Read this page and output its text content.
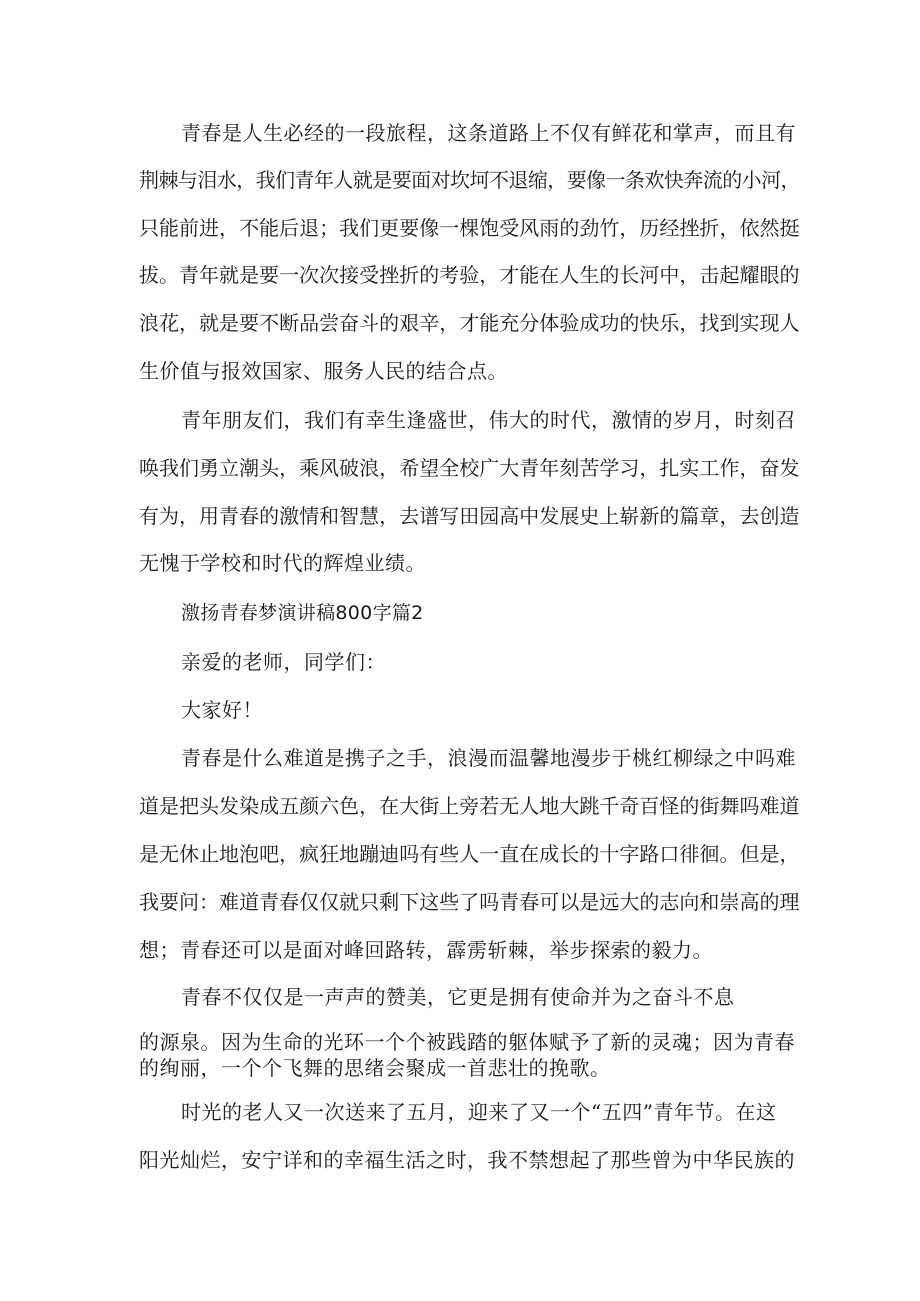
青春是人生必经的一段旅程，这条道路上不仅有鲜花和掌声，而且有
荆棘与泪水，我们青年人就是要面对坎坷不退缩，要像一条欢快奔流的小河，
只能前进，不能后退；我们更要像一棵饱受风雨的劲竹，历经挫折，依然挺
拔。青年就是要一次次接受挫折的考验，才能在人生的长河中，击起耀眼的
浪花，就是要不断品尝奋斗的艰辛，才能充分体验成功的快乐，找到实现人
生价值与报效国家、服务人民的结合点。
青年朋友们，我们有幸生逢盛世，伟大的时代，激情的岁月，时刻召
唤我们勇立潮头，乘风破浪，希望全校广大青年刻苦学习，扎实工作，奋发
有为，用青春的激情和智慧，去谱写田园高中发展史上崭新的篇章，去创造
无愧于学校和时代的辉煌业绩。
激扬青春梦演讲稿800字篇2
亲爱的老师，同学们：
大家好！
青春是什么难道是携子之手，浪漫而温馨地漫步于桃红柳绿之中吗难
道是把头发染成五颜六色，在大街上旁若无人地大跳千奇百怪的街舞吗难道
是无休止地泡吧，疯狂地蹦迪吗有些人一直在成长的十字路口徘徊。但是，
我要问：难道青春仅仅就只剩下这些了吗青春可以是远大的志向和崇高的理
想；青春还可以是面对峰回路转，霹雳斩棘，举步探索的毅力。
青春不仅仅是一声声的赞美，它更是拥有使命并为之奋斗不息
的源泉。因为生命的光环一个个被践踏的躯体赋予了新的灵魂；因为青春
的绚丽，一个个飞舞的思绪会聚成一首悲壮的挽歌。
时光的老人又一次送来了五月，迎来了又一个“五四”青年节。在这
阳光灿烂，安宁详和的幸福生活之时，我不禁想起了那些曾为中华民族的
